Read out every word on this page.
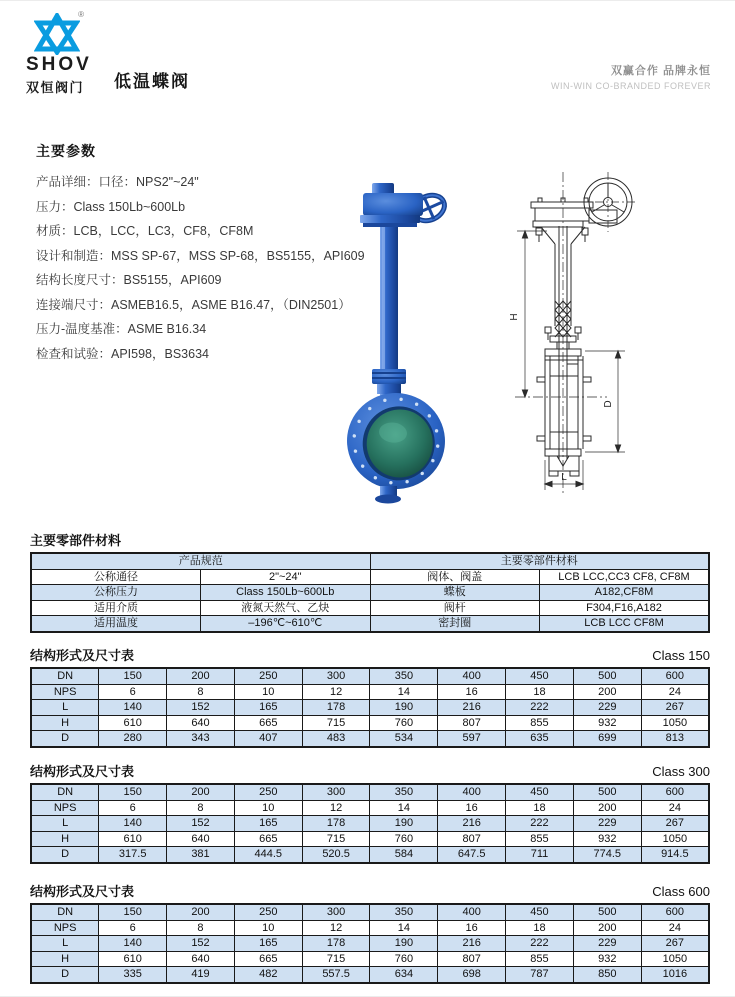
H
®
SHOV
双恒阀门	低温蝶阀
双赢合作 品牌永恒
WIN-WIN CO-BRANDED FOREVER
主要参数
产品详细：口径：NPS2"~24"
压力：Class 150Lb~600Lb
材质：LCB，LCC，LC3，CF8，CF8M
设计和制造：MSS SP-67，MSS SP-68，BS5155，API609
结构长度尺寸：BS5155，API609
连接端尺寸：ASMEB16.5，ASME B16.47，（DIN2501）
压力-温度基准：ASME B16.34
检查和试验：API598，BS3634
H
D
L
主要零部件材料
产品规范		主要零部件材料	
公称通径	2"~24"	阀体、阀盖	LCB LCC,CC3 CF8, CF8M
公称压力	Class 150Lb~600Lb	蝶板	A182,CF8M
适用介质	液氮天然气、乙炔	阀杆	F304,F16,A182
适用温度	–196℃~610℃	密封圈	LCB LCC CF8M
结构形式及尺寸表	Class 150
DN	150	200	250	300	350	400	450	500	600
NPS	6	8	10	12	14	16	18	200	24
L	140	152	165	178	190	216	222	229	267
H	610	640	665	715	760	807	855	932	1050
D	280	343	407	483	534	597	635	699	813
结构形式及尺寸表	Class 300
DN	150	200	250	300	350	400	450	500	600
NPS	6	8	10	12	14	16	18	200	24
L	140	152	165	178	190	216	222	229	267
H	610	640	665	715	760	807	855	932	1050
D	317.5	381	444.5	520.5	584	647.5	711	774.5	914.5
结构形式及尺寸表	Class 600
DN	150	200	250	300	350	400	450	500	600
NPS	6	8	10	12	14	16	18	200	24
L	140	152	165	178	190	216	222	229	267
H	610	640	665	715	760	807	855	932	1050
D	335	419	482	557.5	634	698	787	850	1016
